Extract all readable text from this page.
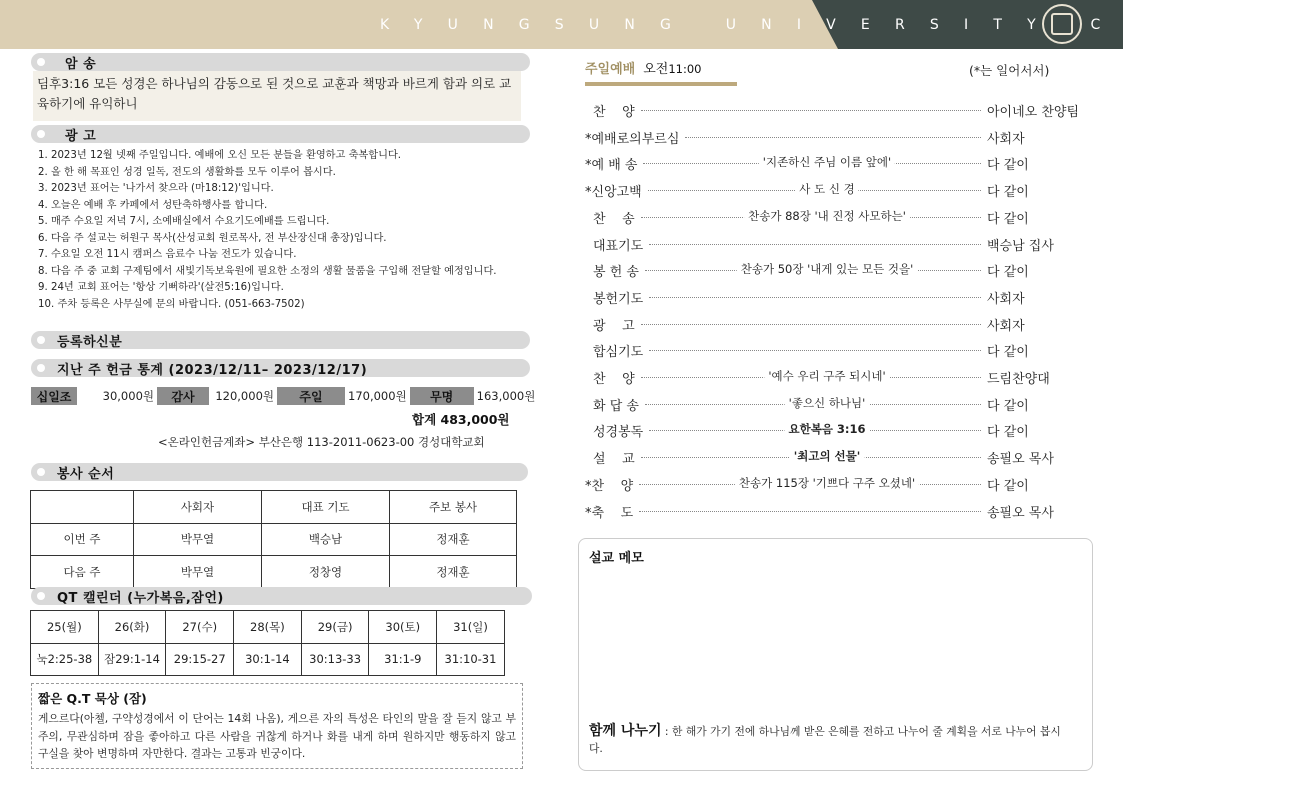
KYUNGSUNG UNIVERSITY CHURCH
암 송
딤후3:16 모든 성경은 하나님의 감동으로 된 것으로 교훈과 책망과 바르게 함과 의로 교육하기에 유익하니
광 고
1. 2023년 12월 넷째 주일입니다. 예배에 오신 모든 분들을 환영하고 축복합니다.
2. 올 한 해 목표인 성경 일독, 전도의 생활화를 모두 이루어 봅시다.
3. 2023년 표어는 '나가서 찾으라 (마18:12)'입니다.
4. 오늘은 예배 후 카페에서 성탄축하행사를 합니다.
5. 매주 수요일 저녁 7시, 소예배실에서 수요기도예배를 드립니다.
6. 다음 주 설교는 허원구 목사(산성교회 원로목사, 전 부산장신대 총장)입니다.
7. 수요일 오전 11시 캠퍼스 음료수 나눔 전도가 있습니다.
8. 다음 주 중 교회 구제팀에서 새빛기독보육원에 필요한 소정의 생활 물품을 구입해 전달할 예정입니다.
9. 24년 교회 표어는 '항상 기뻐하라'(살전5:16)입니다.
10. 주차 등록은 사무실에 문의 바랍니다. (051-663-7502)
등록하신분
지난 주 헌금 통계 (2023/12/11– 2023/12/17)
십일조	30,000원	감사	120,000원	주일	170,000원	무명	163,000원
합계 483,000원
<온라인헌금계좌> 부산은행 113-2011-0623-00 경성대학교회
봉사 순서
	사회자	대표 기도	주보 봉사
이번 주	박무열	백승남	정재훈
다음 주	박무열	정창영	정재훈
QT 캘린더 (누가복음,잠언)
25(월)	26(화)	27(수)	28(목)	29(금)	30(토)	31(일)
눅2:25-38	잠29:1-14	29:15-27	30:1-14	30:13-33	31:1-9	31:10-31
짧은 Q.T 묵상 (잠)
게으르다(아첼, 구약성경에서 이 단어는 14회 나옴), 게으른 자의 특성은 타인의 말을 잘 듣지 않고 부주의, 무관심하며 잠을 좋아하고 다른 사람을 귀찮게 하거나 화를 내게 하며 원하지만 행동하지 않고 구실을 찾아 변명하며 자만한다. 결과는 고통과 빈궁이다.
주일예배 오전11:00	(*는 일어서서)
찬    양	아이네오 찬양팀
*예배로의부르심	사회자
*예 배 송	'지존하신 주님 이름 앞에'	다 같이
*신앙고백	사 도 신 경	다 같이
찬    송	찬송가 88장 '내 진정 사모하는'	다 같이
대표기도	백승남 집사
봉 헌 송	찬송가 50장 '내게 있는 모든 것을'	다 같이
봉헌기도	사회자
광    고	사회자
합심기도	다 같이
찬    양	'예수 우리 구주 되시네'	드림찬양대
화 답 송	'좋으신 하나님'	다 같이
성경봉독	요한복음 3:16	다 같이
설    교	'최고의 선물'	송필오 목사
*찬    양	찬송가 115장 '기쁘다 구주 오셨네'	다 같이
*축    도	송필오 목사
설교 메모
함께 나누기 : 한 해가 가기 전에 하나님께 받은 은혜를 전하고 나누어 줄 계획을 서로 나누어 봅시다.
